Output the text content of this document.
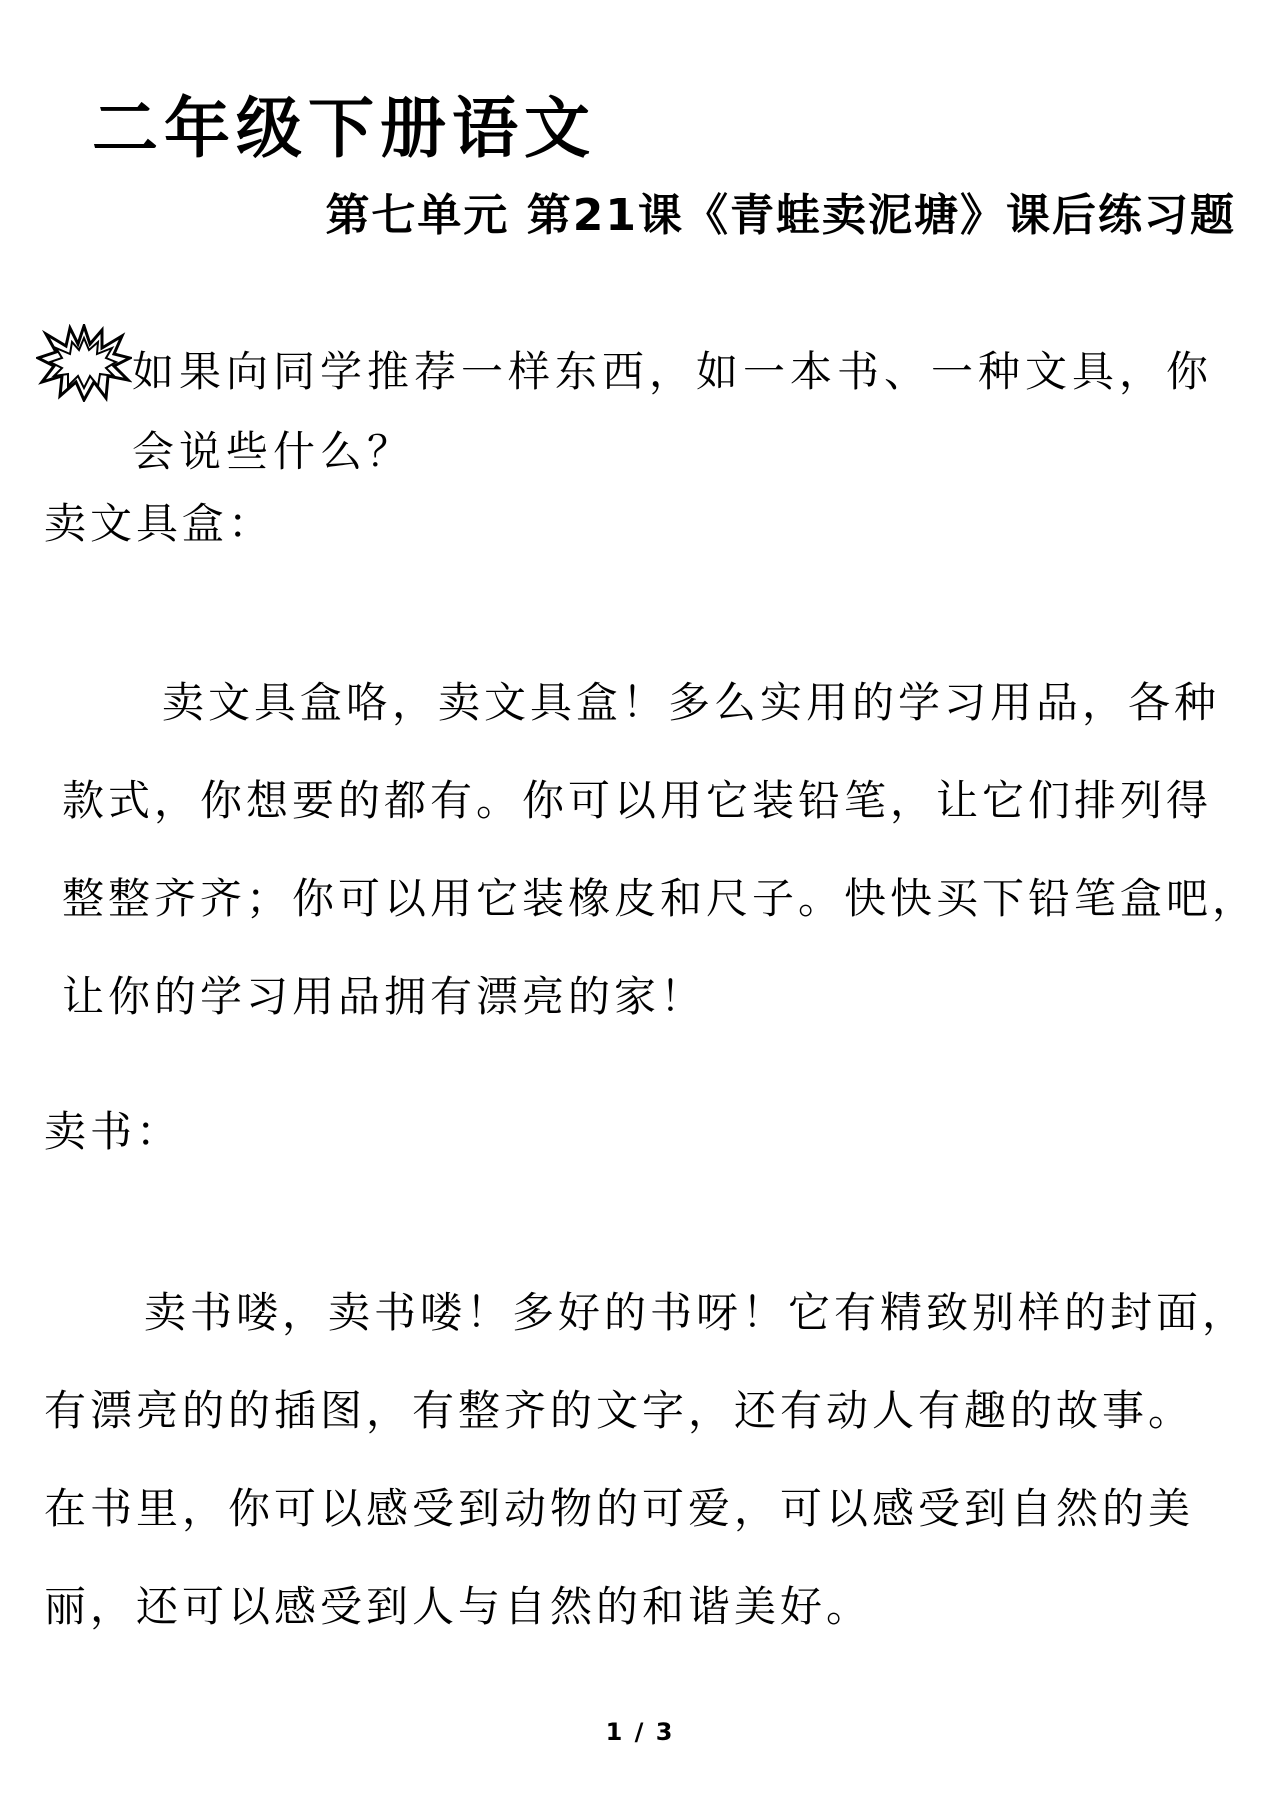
二年级下册语文
第七单元 第21课《青蛙卖泥塘》课后练习题
如果向同学推荐一样东西，如一本书、一种文具，你
会说些什么？
卖文具盒：
卖文具盒咯，卖文具盒！多么实用的学习用品，各种
款式，你想要的都有。你可以用它装铅笔，让它们排列得
整整齐齐；你可以用它装橡皮和尺子。快快买下铅笔盒吧，
让你的学习用品拥有漂亮的家！
卖书：
卖书喽，卖书喽！多好的书呀！它有精致别样的封面，
有漂亮的的插图，有整齐的文字，还有动人有趣的故事。
在书里，你可以感受到动物的可爱，可以感受到自然的美
丽，还可以感受到人与自然的和谐美好。
1 / 3
